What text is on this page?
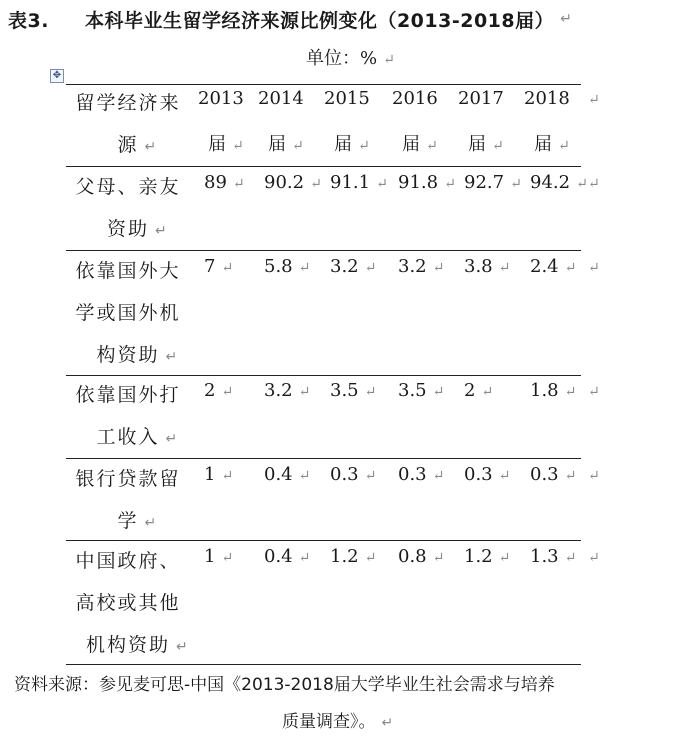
表3. 本科毕业生留学经济来源比例变化（2013-2018届） ↵
单位：% ↵
✥
留学经济来
源 ↵
2013
届 ↵
2014
届 ↵
2015
届 ↵
2016
届 ↵
2017
届 ↵
2018
届 ↵
↵
父母、亲友
资助 ↵
89 ↵ 90.2 ↵ 91.1 ↵ 91.8 ↵ 92.7 ↵ 94.2 ↵ ↵
依靠国外大
学或国外机
构资助 ↵
7 ↵ 5.8 ↵ 3.2 ↵ 3.2 ↵ 3.8 ↵ 2.4 ↵ ↵
依靠国外打
工收入 ↵
2 ↵ 3.2 ↵ 3.5 ↵ 3.5 ↵ 2 ↵ 1.8 ↵ ↵
银行贷款留
学 ↵
1 ↵ 0.4 ↵ 0.3 ↵ 0.3 ↵ 0.3 ↵ 0.3 ↵ ↵
中国政府、
高校或其他
机构资助 ↵
1 ↵ 0.4 ↵ 1.2 ↵ 0.8 ↵ 1.2 ↵ 1.3 ↵ ↵
资料来源：参见麦可思-中国《2013-2018届大学毕业生社会需求与培养
质量调查》。 ↵
